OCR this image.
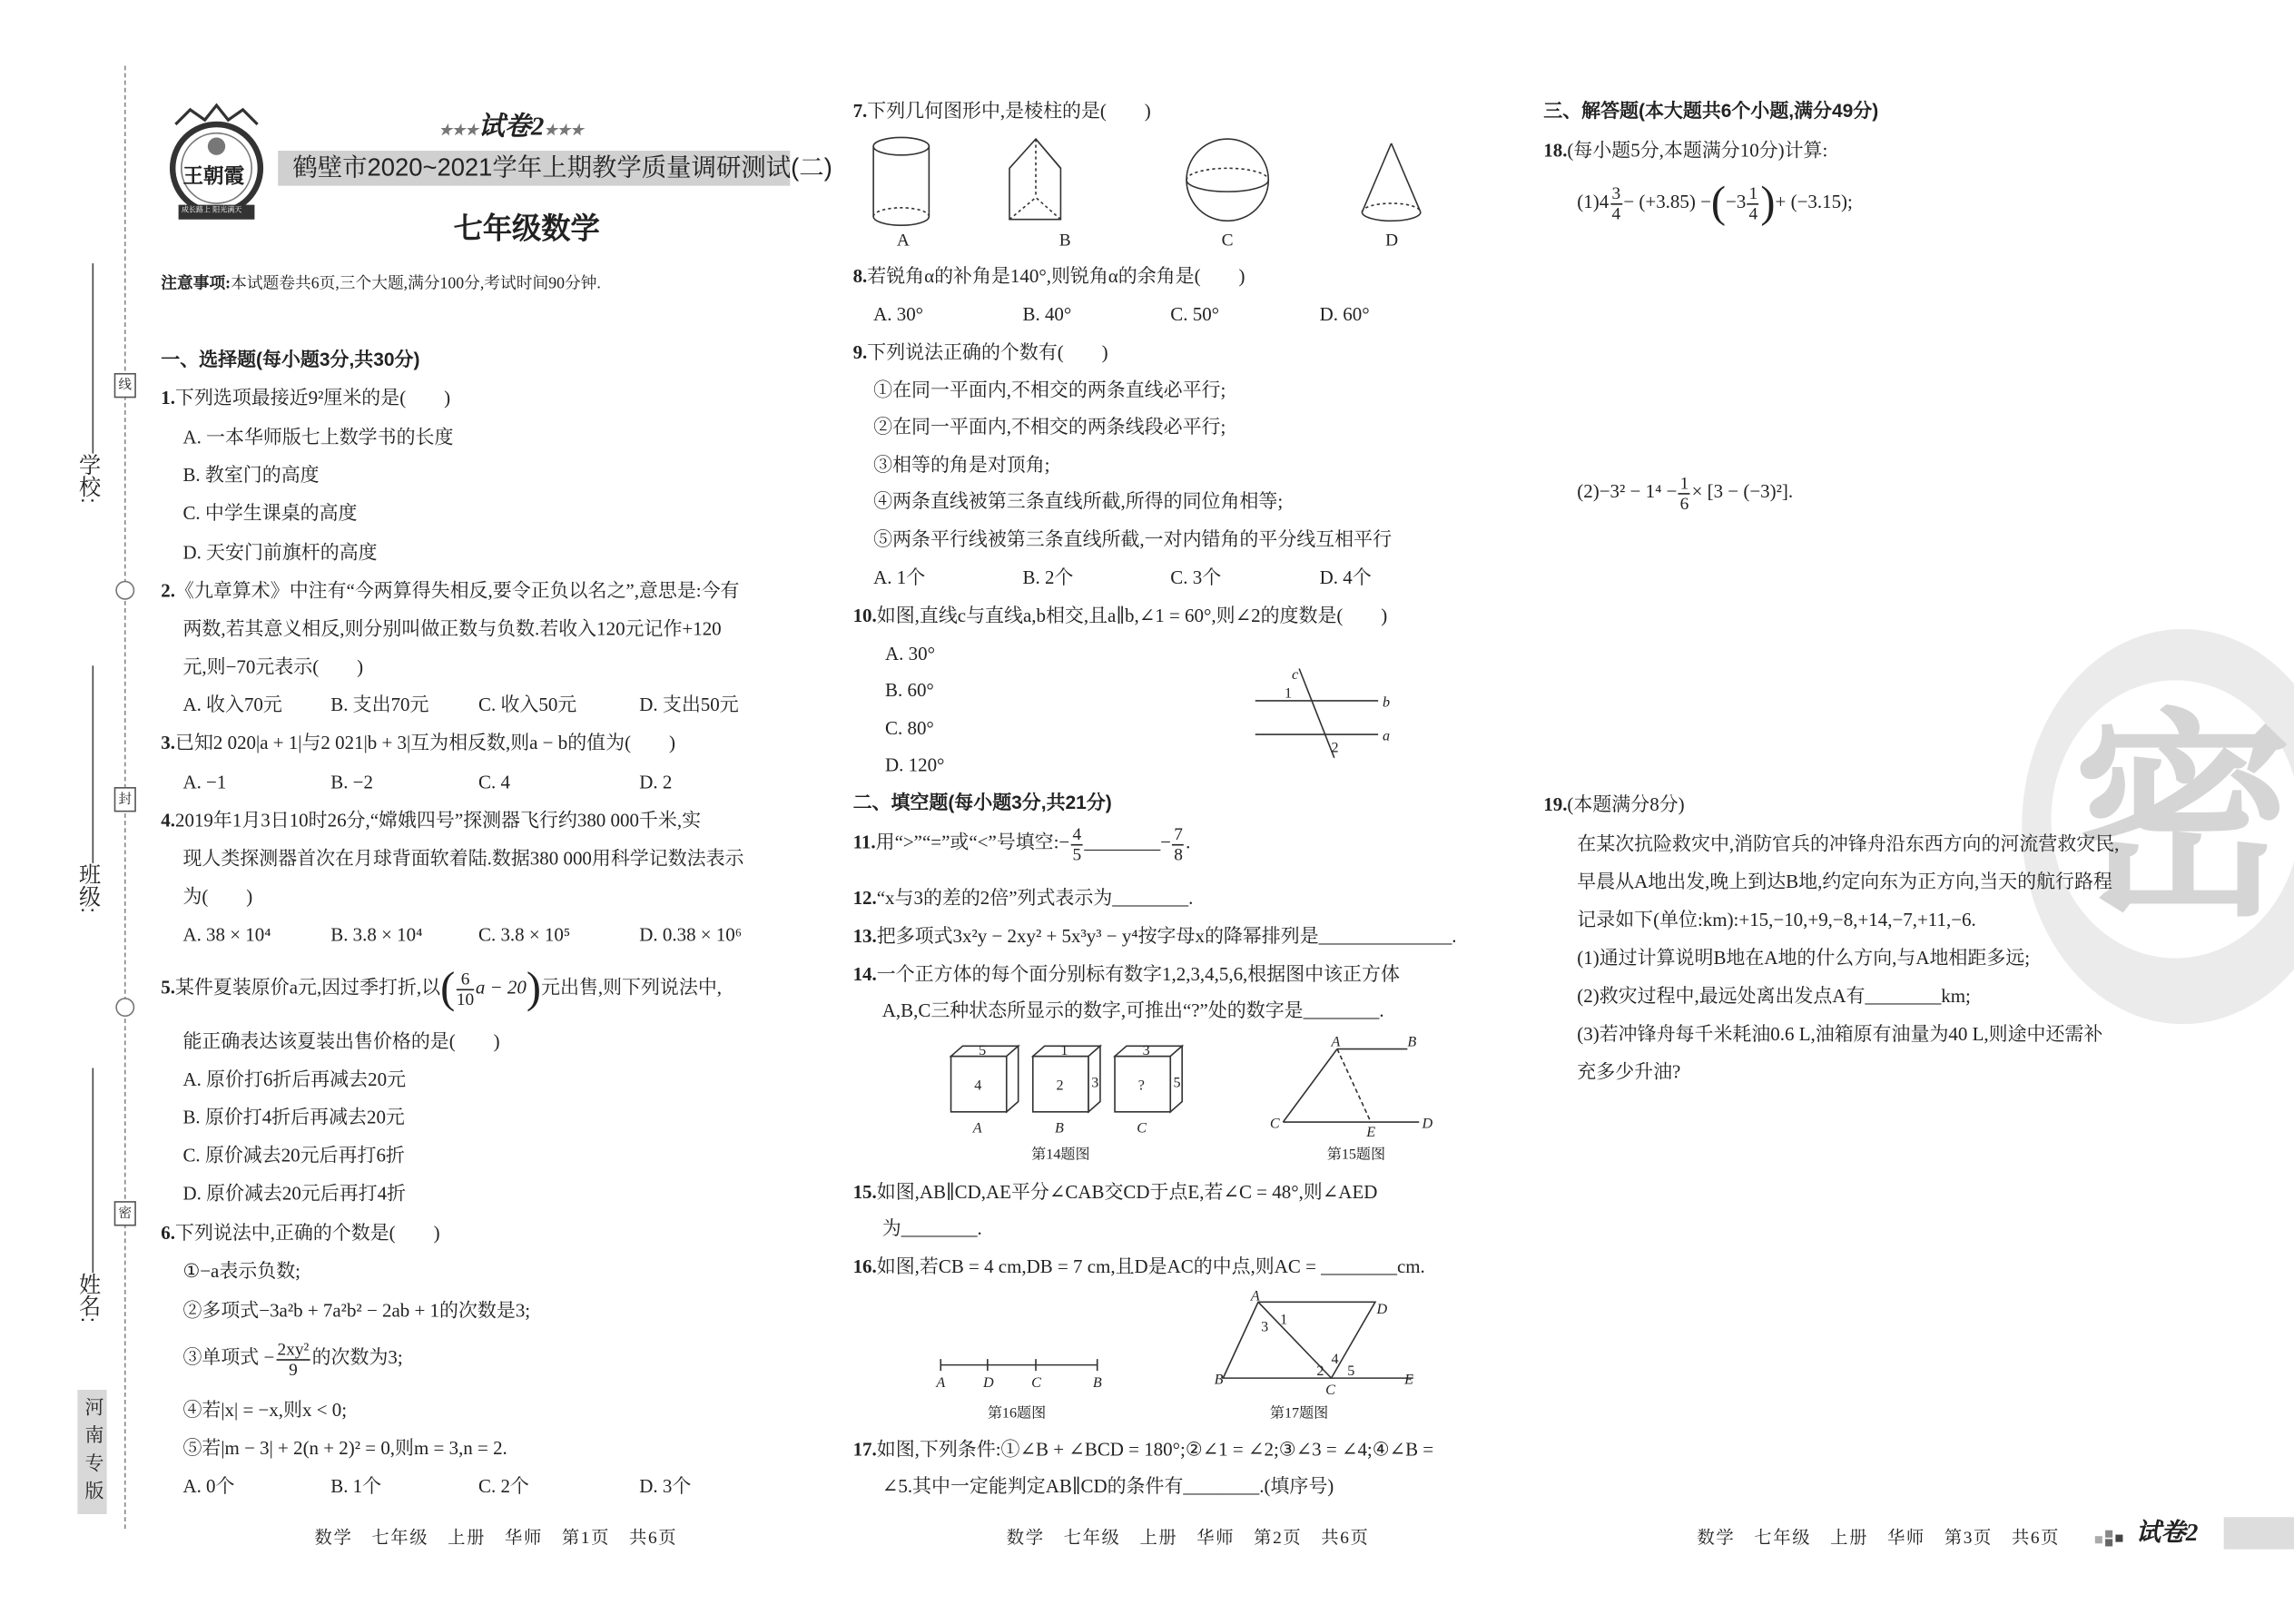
学校:
班级:
姓名:
线
封
密
河南专版
王朝霞
成长路上 阳光满天
★★★试卷2★★★
鹤壁市2020~2021学年上期教学质量调研测试(二)
七年级数学
注意事项:本试题卷共6页,三个大题,满分100分,考试时间90分钟.
一、选择题(每小题3分,共30分)
1.下列选项最接近9²厘米的是(　　)
A. 一本华师版七上数学书的长度
B. 教室门的高度
C. 中学生课桌的高度
D. 天安门前旗杆的高度
2.《九章算术》中注有“今两算得失相反,要令正负以名之”,意思是:今有
两数,若其意义相反,则分别叫做正数与负数.若收入120元记作+120
元,则−70元表示(　　)
A. 收入70元	B. 支出70元	C. 收入50元	D. 支出50元
3.已知2 020|a + 1|与2 021|b + 3|互为相反数,则a − b的值为(　　)
A. −1	B. −2	C. 4	D. 2
4.2019年1月3日10时26分,“嫦娥四号”探测器飞行约380 000千米,实
现人类探测器首次在月球背面软着陆.数据380 000用科学记数法表示
为(　　)
A. 38 × 10⁴	B. 3.8 × 10⁴	C. 3.8 × 10⁵	D. 0.38 × 10⁶
5.某件夏装原价a元,因过季打折,以( $\frac{6}{10}$ a − 20)元出售,则下列说法中,
能正确表达该夏装出售价格的是(　　)
A. 原价打6折后再减去20元
B. 原价打4折后再减去20元
C. 原价减去20元后再打6折
D. 原价减去20元后再打4折
6.下列说法中,正确的个数是(　　)
①−a表示负数;
②多项式−3a²b + 7a²b² − 2ab + 1的次数是3;
③单项式 − $\frac{\text{2xy²}}{9}$ 的次数为3;
④若|x| = −x,则x < 0;
⑤若|m − 3| + 2(n + 2)² = 0,则m = 3,n = 2.
A. 0个	B. 1个	C. 2个	D. 3个
数学　七年级　上册　华师　第1页　共6页
7.下列几何图形中,是棱柱的是(　　)
A	B	C	D
8.若锐角α的补角是140°,则锐角α的余角是(　　)
A. 30°	B. 40°	C. 50°	D. 60°
9.下列说法正确的个数有(　　)
①在同一平面内,不相交的两条直线必平行;
②在同一平面内,不相交的两条线段必平行;
③相等的角是对顶角;
④两条直线被第三条直线所截,所得的同位角相等;
⑤两条平行线被第三条直线所截,一对内错角的平分线互相平行
A. 1个	B. 2个	C. 3个	D. 4个
10.如图,直线c与直线a,b相交,且a∥b,∠1 = 60°,则∠2的度数是(　　)
A. 30°
B. 60°
C. 80°
D. 120°
c
1
b
a
2
二、填空题(每小题3分,共21分)
11.用“>”“=”或“<”号填空:− $\frac{4}{5}$ ________− $\frac{7}{8}$ .
12.“x与3的差的2倍”列式表示为________.
13.把多项式3x²y − 2xy² + 5x³y³ − y⁴按字母x的降幂排列是______________.
14.一个正方体的每个面分别标有数字1,2,3,4,5,6,根据图中该正方体
A,B,C三种状态所显示的数字,可推出“?”处的数字是________.
5
4
1
2	3
3
?	5
A	B	C
第14题图
A	B
C
E
D
第15题图
15.如图,AB∥CD,AE平分∠CAB交CD于点E,若∠C = 48°,则∠AED
为________.
16.如图,若CB = 4 cm,DB = 7 cm,且D是AC的中点,则AC = ________cm.
A	D	C	B
第16题图
A
D
B
C
E
1
3
2
4
5
第17题图
17.如图,下列条件:①∠B + ∠BCD = 180°;②∠1 = ∠2;③∠3 = ∠4;④∠B =
∠5.其中一定能判定AB∥CD的条件有________.(填序号)
数学　七年级　上册　华师　第2页　共6页
密
三、解答题(本大题共6个小题,满分49分)
18.(每小题5分,本题满分10分)计算:
$(1)4 \frac{3}{4} - (+3.85) -(-3 \frac{1}{4}$ )+ (−3.15);
$(2)-3^2 - 1^4 - \frac{1}{6} \times [3 - (-3)^2]$.
19.(本题满分8分)
在某次抗险救灾中,消防官兵的冲锋舟沿东西方向的河流营救灾民,
早晨从A地出发,晚上到达B地,约定向东为正方向,当天的航行路程
记录如下(单位:km):+15,−10,+9,−8,+14,−7,+11,−6.
(1)通过计算说明B地在A地的什么方向,与A地相距多远;
(2)救灾过程中,最远处离出发点A有________km;
(3)若冲锋舟每千米耗油0.6 L,油箱原有油量为40 L,则途中还需补
充多少升油?
数学　七年级　上册　华师　第3页　共6页	试卷2
